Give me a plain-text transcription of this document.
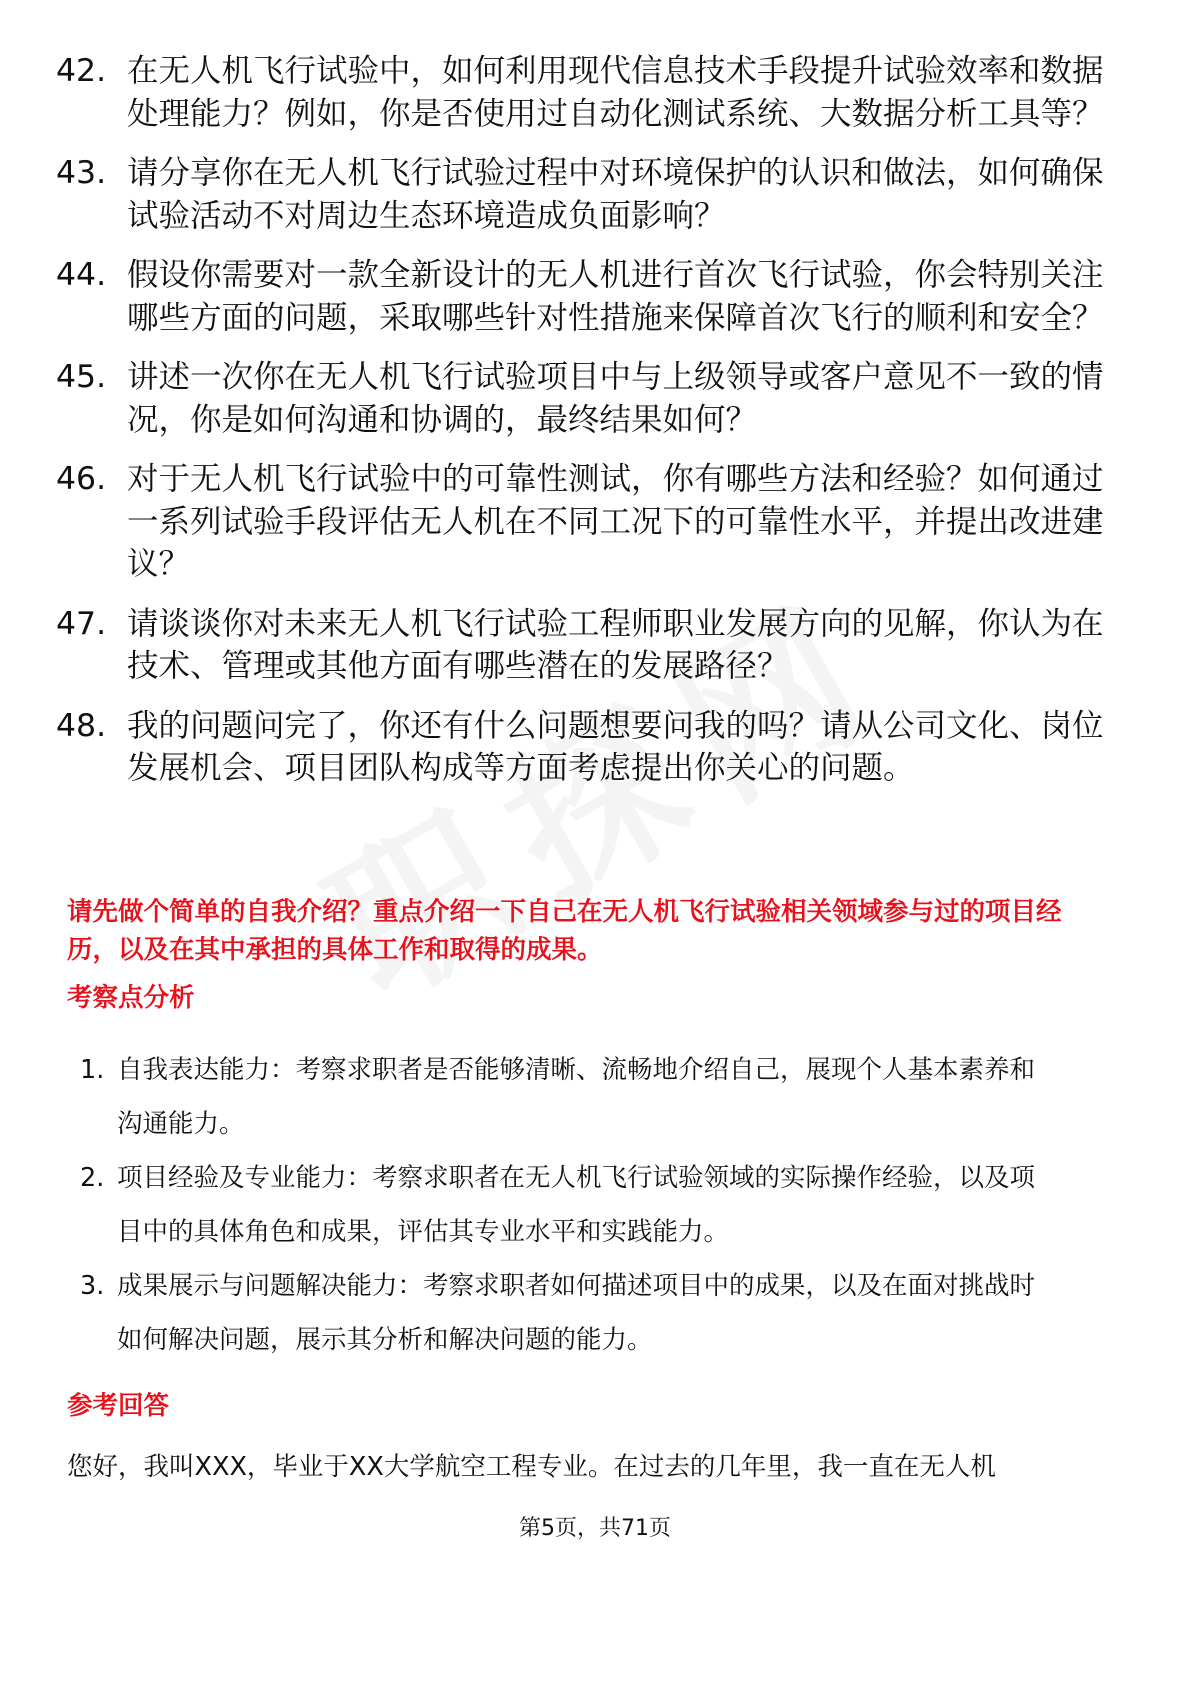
42. 在无人机飞行试验中，如何利用现代信息技术手段提升试验效率和数据处理能力？例如，你是否使用过自动化测试系统、大数据分析工具等？
43. 请分享你在无人机飞行试验过程中对环境保护的认识和做法，如何确保试验活动不对周边生态环境造成负面影响？
44. 假设你需要对一款全新设计的无人机进行首次飞行试验，你会特别关注哪些方面的问题，采取哪些针对性措施来保障首次飞行的顺利和安全？
45. 讲述一次你在无人机飞行试验项目中与上级领导或客户意见不一致的情况，你是如何沟通和协调的，最终结果如何？
46. 对于无人机飞行试验中的可靠性测试，你有哪些方法和经验？如何通过一系列试验手段评估无人机在不同工况下的可靠性水平，并提出改进建议？
47. 请谈谈你对未来无人机飞行试验工程师职业发展方向的见解，你认为在技术、管理或其他方面有哪些潜在的发展路径？
48. 我的问题问完了，你还有什么问题想要问我的吗？请从公司文化、岗位发展机会、项目团队构成等方面考虑提出你关心的问题。
请先做个简单的自我介绍？重点介绍一下自己在无人机飞行试验相关领域参与过的项目经历，以及在其中承担的具体工作和取得的成果。
考察点分析
1. 自我表达能力：考察求职者是否能够清晰、流畅地介绍自己，展现个人基本素养和沟通能力。
2. 项目经验及专业能力：考察求职者在无人机飞行试验领域的实际操作经验，以及项目中的具体角色和成果，评估其专业水平和实践能力。
3. 成果展示与问题解决能力：考察求职者如何描述项目中的成果，以及在面对挑战时如何解决问题，展示其分析和解决问题的能力。
参考回答
您好，我叫XXX，毕业于XX大学航空工程专业。在过去的几年里，我一直在无人机
第5页，共71页
